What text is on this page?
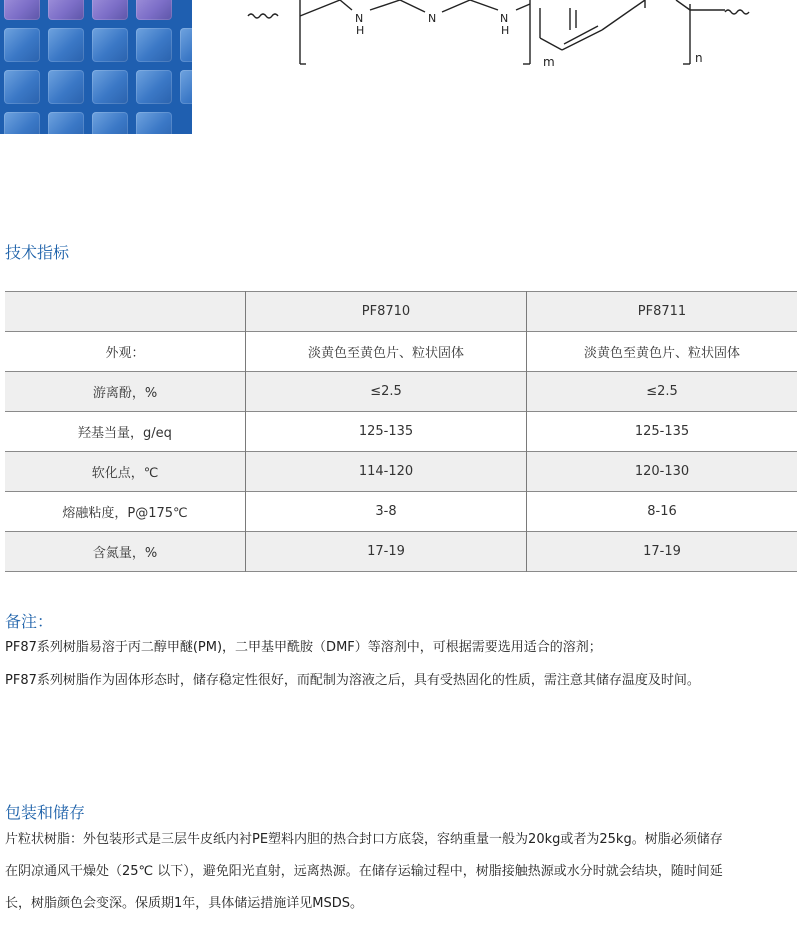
N
H
N	N
H
m	n
技术指标
	PF8710	PF8711
外观：	淡黄色至黄色片、粒状固体	淡黄色至黄色片、粒状固体
游离酚，%	≤2.5	≤2.5
羟基当量，g/eq	125-135	125-135
软化点，℃	114-120	120-130
熔融粘度，P@175℃	3-8	8-16
含氮量，%	17-19	17-19
备注：
PF87系列树脂易溶于丙二醇甲醚(PM)，二甲基甲酰胺（DMF）等溶剂中，可根据需要选用适合的溶剂；
PF87系列树脂作为固体形态时，储存稳定性很好，而配制为溶液之后，具有受热固化的性质，需注意其储存温度及时间。
包装和储存
片粒状树脂：外包装形式是三层牛皮纸内衬PE塑料内胆的热合封口方底袋，容纳重量一般为20kg或者为25kg。树脂必须储存
在阴凉通风干燥处（25℃ 以下），避免阳光直射，远离热源。在储存运输过程中，树脂接触热源或水分时就会结块，随时间延
长，树脂颜色会变深。保质期1年，具体储运措施详见MSDS。
